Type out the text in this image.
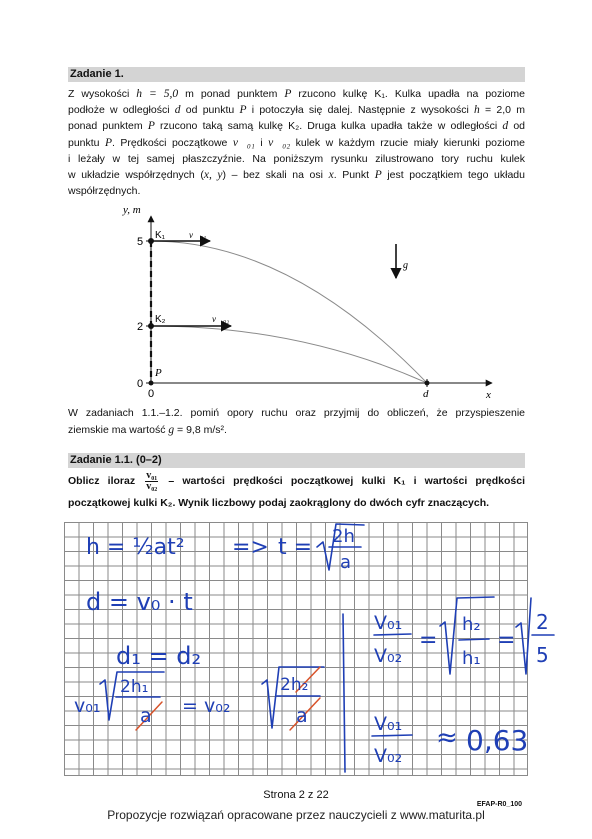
Zadanie 1.
Z wysokości h = 5,0 m ponad punktem P rzucono kulkę K₁. Kulka upadła na poziome
podłoże w odległości d od punktu P i potoczyła się dalej. Następnie z wysokości h = 2,0 m
ponad punktem P rzucono taką samą kulkę K₂. Druga kulka upadła także w odległości d od
punktu P. Prędkości początkowe v⃗₀₁ i v⃗₀₂ kulek w każdym rzucie miały kierunki poziome
i leżały w tej samej płaszczyźnie. Na poniższym rysunku zilustrowano tory ruchu kulek
w układzie współrzędnych (x, y) – bez skali na osi x. Punkt P jest początkiem tego układu
współrzędnych.
y, m
x
5
2
0
0
P
d
K₁
K₂
v⃗₀₁
v⃗₀₂
g⃗
W zadaniach 1.1.–1.2. pomiń opory ruchu oraz przyjmij do obliczeń, że przyspieszenie
ziemskie ma wartość g = 9,8 m/s².
Zadanie 1.1. (0–2)
Oblicz iloraz $\frac{\text{v₀₁}}{\text{v₀₂}}$ – wartości prędkości początkowej kulki K₁ i wartości prędkości
początkowej kulki K₂. Wynik liczbowy podaj zaokrąglony do dwóch cyfr znaczących.
h = ½at² => t = 2h
a
d = v₀ · t
d₁ = d₂
v₀₁
2h₁
a = v₀₂
2h₂
a
V₀₁
V₀₂
=
h₂
h₁
=
2
5
V₀₁
V₀₂
≈ 0,63
Strona 2 z 22
EFAP-R0_100
Propozycje rozwiązań opracowane przez nauczycieli z www.maturita.pl
